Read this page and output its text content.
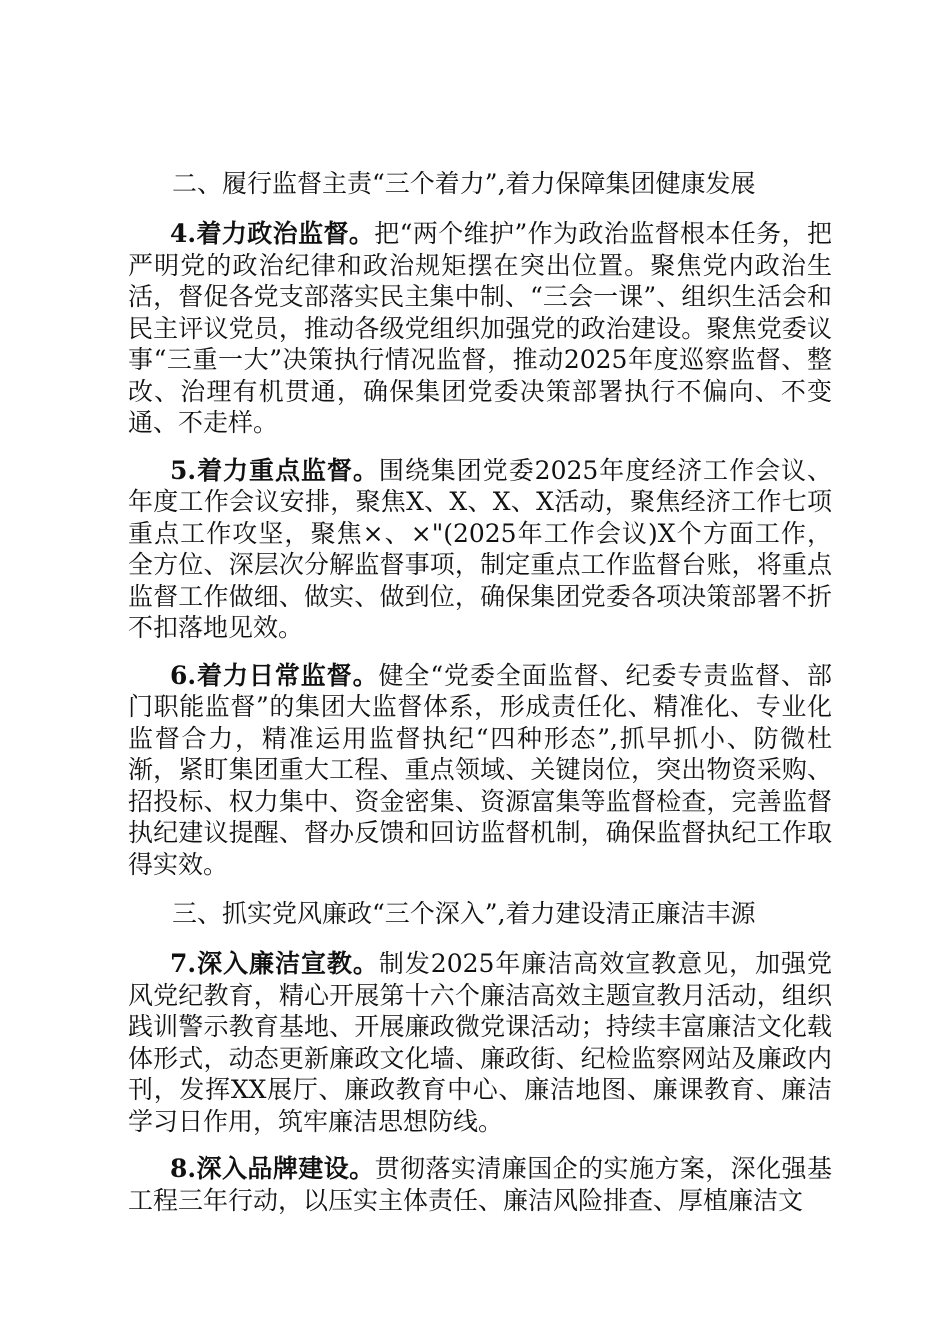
二、履行监督主责“三个着力”,着力保障集团健康发展

4.着力政治监督。把“两个维护”作为政治监督根本任务，把严明党的政治纪律和政治规矩摆在突出位置。聚焦党内政治生活，督促各党支部落实民主集中制、“三会一课”、组织生活会和民主评议党员，推动各级党组织加强党的政治建设。聚焦党委议事“三重一大”决策执行情况监督，推动2025年度巡察监督、整改、治理有机贯通，确保集团党委决策部署执行不偏向、不变通、不走样。

5.着力重点监督。围绕集团党委2025年度经济工作会议、年度工作会议安排，聚焦X、X、X、X活动，聚焦经济工作七项重点工作攻坚，聚焦×、×"(2025年工作会议)X个方面工作，全方位、深层次分解监督事项，制定重点工作监督台账，将重点监督工作做细、做实、做到位，确保集团党委各项决策部署不折不扣落地见效。

6.着力日常监督。健全“党委全面监督、纪委专责监督、部门职能监督”的集团大监督体系，形成责任化、精准化、专业化监督合力，精准运用监督执纪“四种形态”,抓早抓小、防微杜渐，紧盯集团重大工程、重点领域、关键岗位，突出物资采购、招投标、权力集中、资金密集、资源富集等监督检查，完善监督执纪建议提醒、督办反馈和回访监督机制，确保监督执纪工作取得实效。

三、抓实党风廉政“三个深入”,着力建设清正廉洁丰源

7.深入廉洁宣教。制发2025年廉洁高效宣教意见，加强党风党纪教育，精心开展第十六个廉洁高效主题宣教月活动，组织践训警示教育基地、开展廉政微党课活动；持续丰富廉洁文化载体形式，动态更新廉政文化墙、廉政街、纪检监察网站及廉政内刊，发挥XX展厅、廉政教育中心、廉洁地图、廉课教育、廉洁学习日作用，筑牢廉洁思想防线。

8.深入品牌建设。贯彻落实清廉国企的实施方案，深化强基工程三年行动，以压实主体责任、廉洁风险排查、厚植廉洁文
